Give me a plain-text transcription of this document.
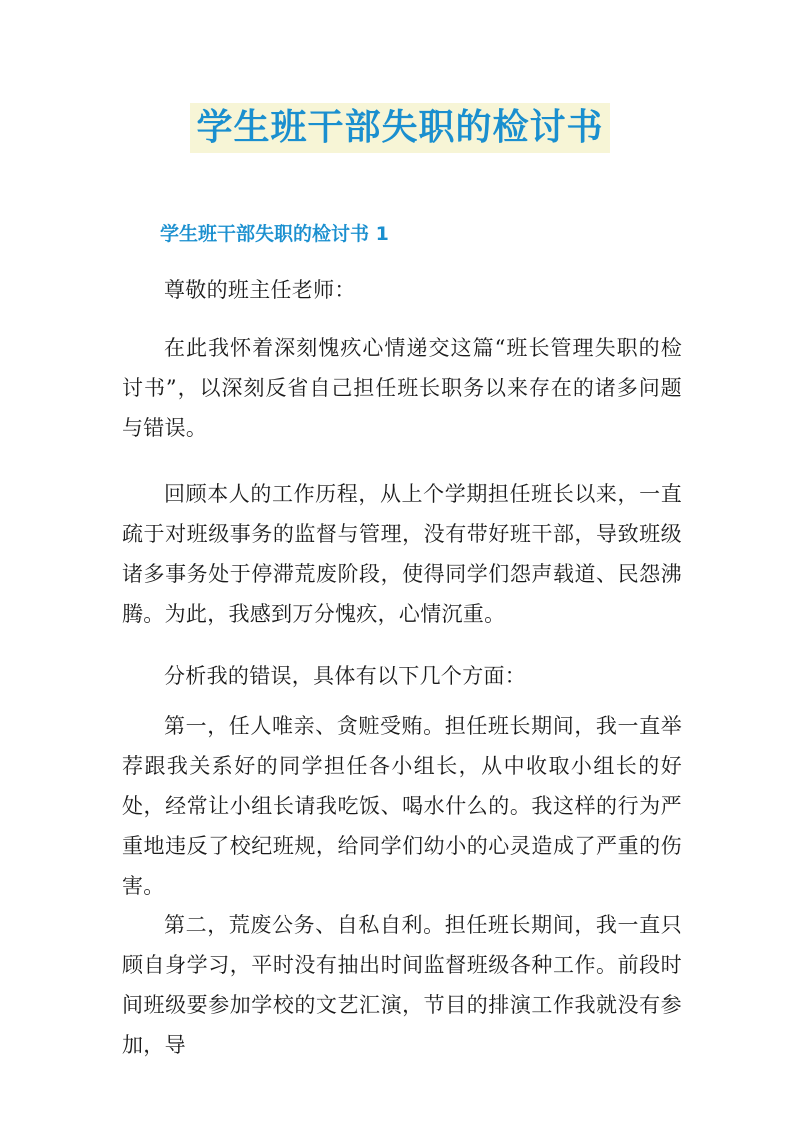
学生班干部失职的检讨书
学生班干部失职的检讨书 1

尊敬的班主任老师：

在此我怀着深刻愧疚心情递交这篇“班长管理失职的检讨书”，以深刻反省自己担任班长职务以来存在的诸多问题与错误。

回顾本人的工作历程，从上个学期担任班长以来，一直疏于对班级事务的监督与管理，没有带好班干部，导致班级诸多事务处于停滞荒废阶段，使得同学们怨声载道、民怨沸腾。为此，我感到万分愧疚，心情沉重。

分析我的错误，具体有以下几个方面：

第一，任人唯亲、贪赃受贿。担任班长期间，我一直举荐跟我关系好的同学担任各小组长，从中收取小组长的好处，经常让小组长请我吃饭、喝水什么的。我这样的行为严重地违反了校纪班规，给同学们幼小的心灵造成了严重的伤害。

第二，荒废公务、自私自利。担任班长期间，我一直只顾自身学习，平时没有抽出时间监督班级各种工作。前段时间班级要参加学校的文艺汇演，节目的排演工作我就没有参加，导
